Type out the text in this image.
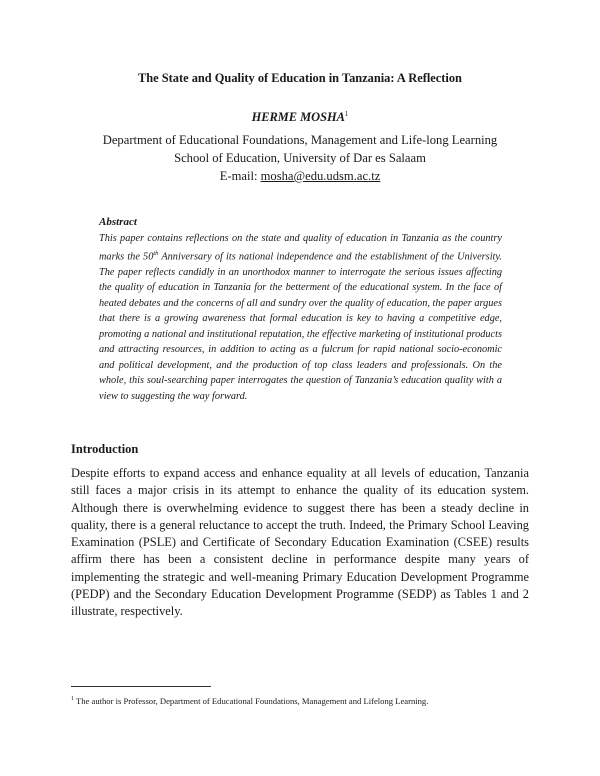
The State and Quality of Education in Tanzania: A Reflection
HERME MOSHA$^1$
Department of Educational Foundations, Management and Life-long Learning
School of Education, University of Dar es Salaam
E-mail: mosha@edu.udsm.ac.tz
Abstract
This paper contains reflections on the state and quality of education in Tanzania as the country marks the 50th Anniversary of its national independence and the establishment of the University. The paper reflects candidly in an unorthodox manner to interrogate the serious issues affecting the quality of education in Tanzania for the betterment of the educational system. In the face of heated debates and the concerns of all and sundry over the quality of education, the paper argues that there is a growing awareness that formal education is key to having a competitive edge, promoting a national and institutional reputation, the effective marketing of institutional products and attracting resources, in addition to acting as a fulcrum for rapid national socio-economic and political development, and the production of top class leaders and professionals. On the whole, this soul-searching paper interrogates the question of Tanzania’s education quality with a view to suggesting the way forward.
Introduction
Despite efforts to expand access and enhance equality at all levels of education, Tanzania still faces a major crisis in its attempt to enhance the quality of its education system. Although there is overwhelming evidence to suggest there has been a steady decline in quality, there is a general reluctance to accept the truth. Indeed, the Primary School Leaving Examination (PSLE) and Certificate of Secondary Education Examination (CSEE) results affirm there has been a consistent decline in performance despite many years of implementing the strategic and well-meaning Primary Education Development Programme (PEDP) and the Secondary Education Development Programme (SEDP) as Tables 1 and 2 illustrate, respectively.
$^1$ The author is Professor, Department of Educational Foundations, Management and Lifelong Learning.
